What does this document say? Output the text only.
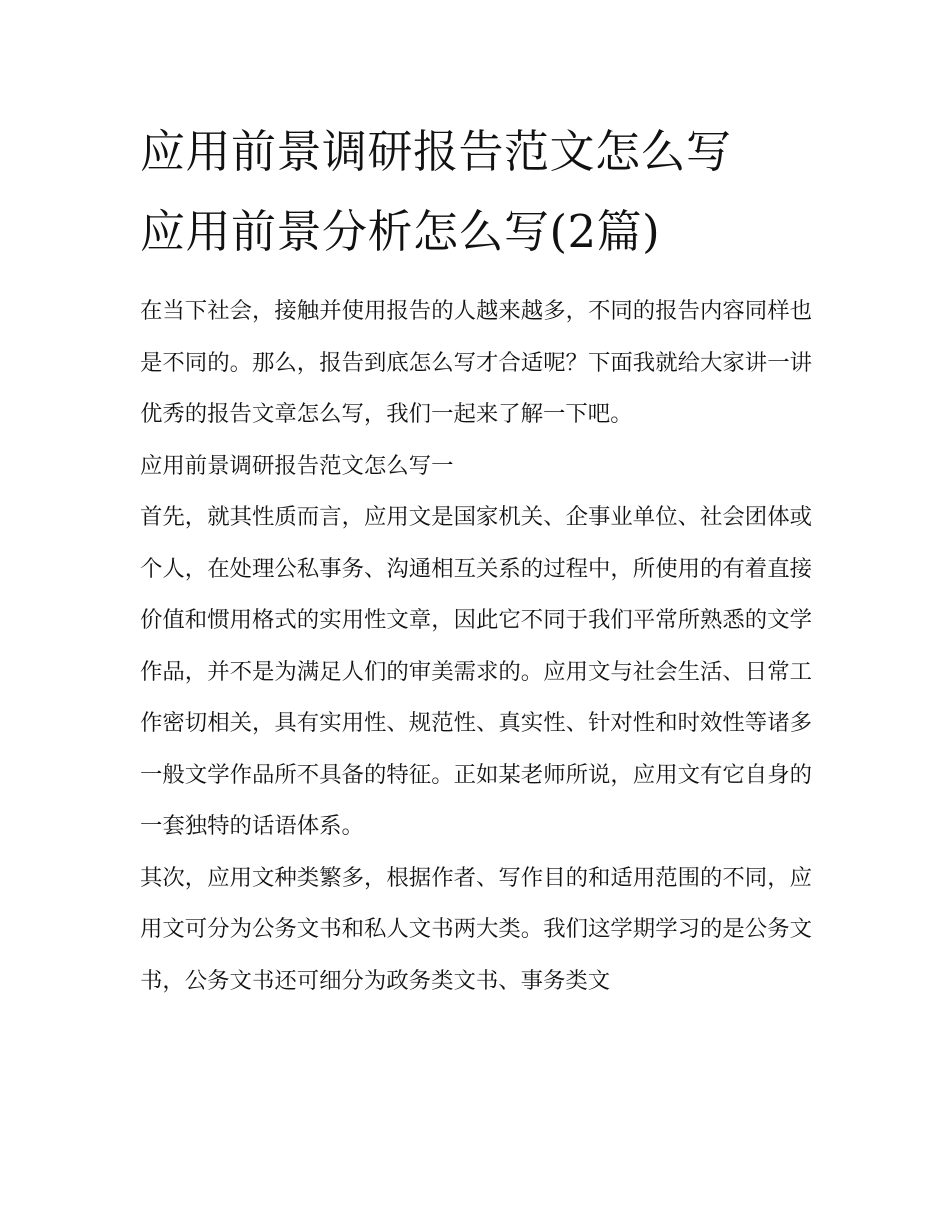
应用前景调研报告范文怎么写
应用前景分析怎么写(2篇)

在当下社会，接触并使用报告的人越来越多，不同的报告内容同样也是不同的。那么，报告到底怎么写才合适呢？下面我就给大家讲一讲优秀的报告文章怎么写，我们一起来了解一下吧。

应用前景调研报告范文怎么写一

首先，就其性质而言，应用文是国家机关、企事业单位、社会团体或个人，在处理公私事务、沟通相互关系的过程中，所使用的有着直接价值和惯用格式的实用性文章，因此它不同于我们平常所熟悉的文学作品，并不是为满足人们的审美需求的。应用文与社会生活、日常工作密切相关，具有实用性、规范性、真实性、针对性和时效性等诸多一般文学作品所不具备的特征。正如某老师所说，应用文有它自身的一套独特的话语体系。

其次，应用文种类繁多，根据作者、写作目的和适用范围的不同，应用文可分为公务文书和私人文书两大类。我们这学期学习的是公务文书，公务文书还可细分为政务类文书、事务类文
